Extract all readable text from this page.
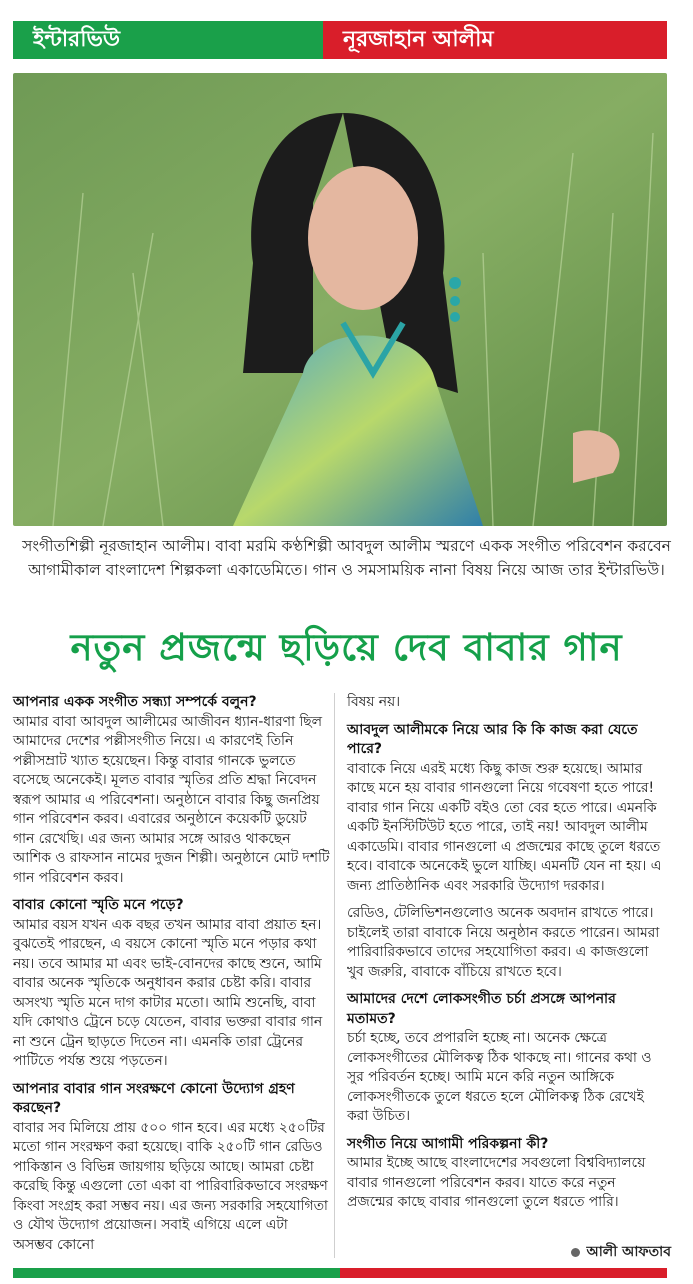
ইন্টারভিউ	নূরজাহান আলীম
সংগীতশিল্পী নূরজাহান আলীম। বাবা মরমি কণ্ঠশিল্পী আবদুল আলীম স্মরণে একক সংগীত পরিবেশন করবেন আগামীকাল বাংলাদেশ শিল্পকলা একাডেমিতে। গান ও সমসাময়িক নানা বিষয় নিয়ে আজ তার ইন্টারভিউ।
নতুন প্রজন্মে ছড়িয়ে দেব বাবার গান
আপনার একক সংগীত সন্ধ্যা সম্পর্কে বলুন?

আমার বাবা আবদুল আলীমের আজীবন ধ্যান-ধারণা ছিল আমাদের দেশের পল্লীসংগীত নিয়ে। এ কারণেই তিনি পল্লীসম্রাট খ্যাত হয়েছেন। কিন্তু বাবার গানকে ভুলতে বসেছে অনেকেই। মূলত বাবার স্মৃতির প্রতি শ্রদ্ধা নিবেদন স্বরূপ আমার এ পরিবেশনা। অনুষ্ঠানে বাবার কিছু জনপ্রিয় গান পরিবেশন করব। এবারের অনুষ্ঠানে কয়েকটি ডুয়েট গান রেখেছি। এর জন্য আমার সঙ্গে আরও থাকছেন আশিক ও রাফসান নামের দুজন শিল্পী। অনুষ্ঠানে মোট দশটি গান পরিবেশন করব।

বাবার কোনো স্মৃতি মনে পড়ে?

আমার বয়স যখন এক বছর তখন আমার বাবা প্রয়াত হন। বুঝতেই পারছেন, এ বয়সে কোনো স্মৃতি মনে পড়ার কথা নয়। তবে আমার মা এবং ভাই-বোনদের কাছে শুনে, আমি বাবার অনেক স্মৃতিকে অনুধাবন করার চেষ্টা করি। বাবার অসংখ্য স্মৃতি মনে দাগ কাটার মতো। আমি শুনেছি, বাবা যদি কোথাও ট্রেনে চড়ে যেতেন, বাবার ভক্তরা বাবার গান না শুনে ট্রেন ছাড়তে দিতেন না। এমনকি তারা ট্রেনের পাটিতে পর্যন্ত শুয়ে পড়তেন।

আপনার বাবার গান সংরক্ষণে কোনো উদ্যোগ গ্রহণ করছেন?

বাবার সব মিলিয়ে প্রায় ৫০০ গান হবে। এর মধ্যে ২৫০টির মতো গান সংরক্ষণ করা হয়েছে। বাকি ২৫০টি গান রেডিও পাকিস্তান ও বিভিন্ন জায়গায় ছড়িয়ে আছে। আমরা চেষ্টা করেছি কিন্তু এগুলো তো একা বা পারিবারিকভাবে সংরক্ষণ কিংবা সংগ্রহ করা সম্ভব নয়। এর জন্য সরকারি সহযোগিতা ও যৌথ উদ্যোগ প্রয়োজন। সবাই এগিয়ে এলে এটা অসম্ভব কোনো

বিষয় নয়।

আবদুল আলীমকে নিয়ে আর কি কি কাজ করা যেতে পারে?

বাবাকে নিয়ে এরই মধ্যে কিছু কাজ শুরু হয়েছে। আমার কাছে মনে হয় বাবার গানগুলো নিয়ে গবেষণা হতে পারে! বাবার গান নিয়ে একটি বইও তো বের হতে পারে। এমনকি একটি ইনস্টিটিউট হতে পারে, তাই নয়! আবদুল আলীম একাডেমি। বাবার গানগুলো এ প্রজন্মের কাছে তুলে ধরতে হবে। বাবাকে অনেকেই ভুলে যাচ্ছি। এমনটি যেন না হয়। এ জন্য প্রাতিষ্ঠানিক এবং সরকারি উদ্যোগ দরকার।

রেডিও, টেলিভিশনগুলোও অনেক অবদান রাখতে পারে। চাইলেই তারা বাবাকে নিয়ে অনুষ্ঠান করতে পারেন। আমরা পারিবারিকভাবে তাদের সহযোগিতা করব। এ কাজগুলো খুব জরুরি, বাবাকে বাঁচিয়ে রাখতে হবে।

আমাদের দেশে লোকসংগীত চর্চা প্রসঙ্গে আপনার মতামত?

চর্চা হচ্ছে, তবে প্রপারলি হচ্ছে না। অনেক ক্ষেত্রে লোকসংগীতের মৌলিকত্ব ঠিক থাকছে না। গানের কথা ও সুর পরিবর্তন হচ্ছে। আমি মনে করি নতুন আঙ্গিকে লোকসংগীতকে তুলে ধরতে হলে মৌলিকত্ব ঠিক রেখেই করা উচিত।

সংগীত নিয়ে আগামী পরিকল্পনা কী?

আমার ইচ্ছে আছে বাংলাদেশের সবগুলো বিশ্ববিদ্যালয়ে বাবার গানগুলো পরিবেশন করব। যাতে করে নতুন প্রজন্মের কাছে বাবার গানগুলো তুলে ধরতে পারি।

আলী আফতাব
